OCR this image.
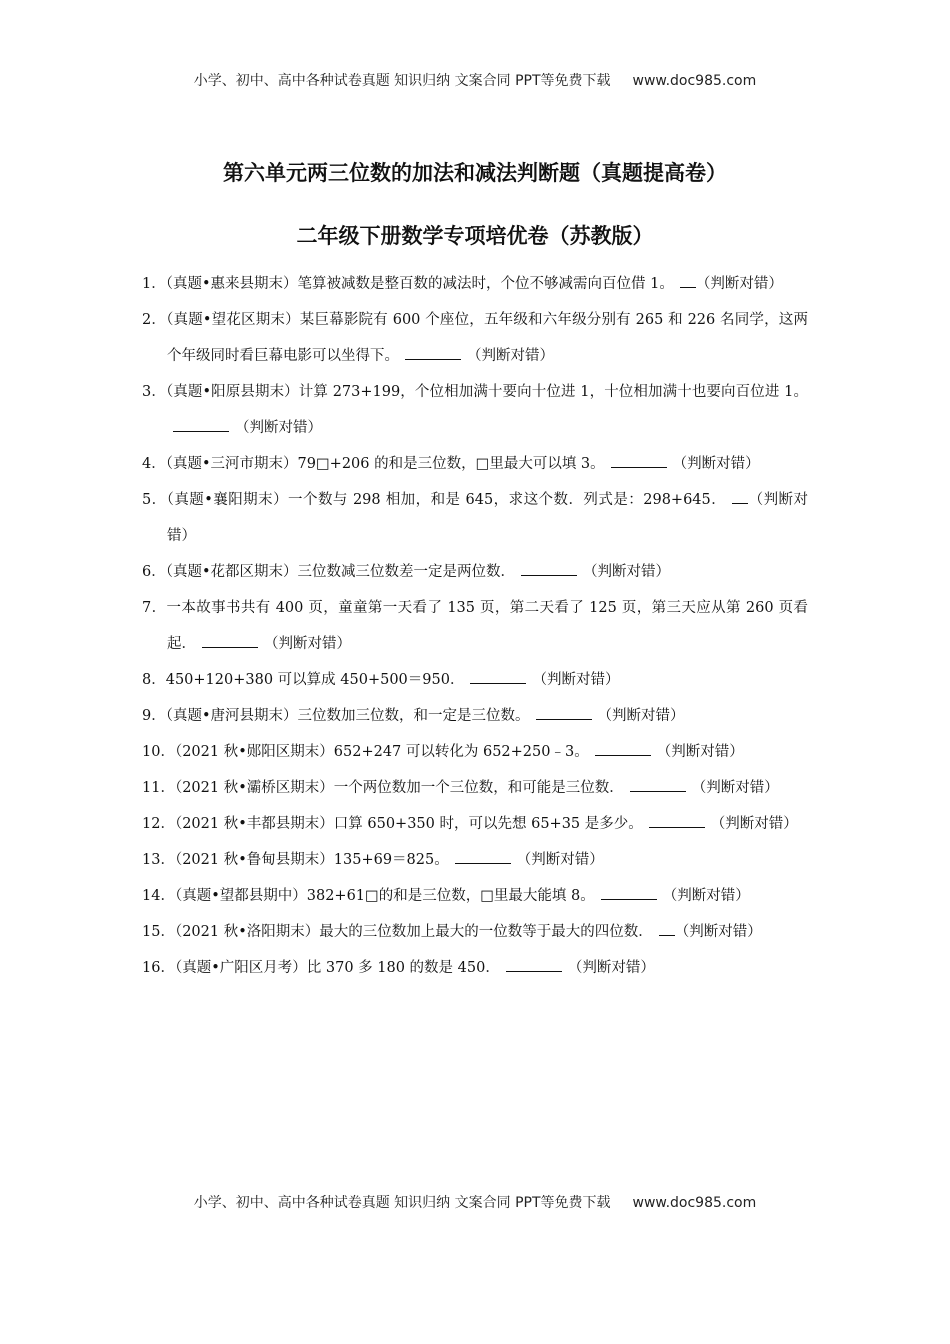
小学、初中、高中各种试卷真题 知识归纳 文案合同 PPT等免费下载 www.doc985.com
第六单元两三位数的加法和减法判断题（真题提高卷）
二年级下册数学专项培优卷（苏教版）

1．（真题•惠来县期末）笔算被减数是整百数的减法时，个位不够减需向百位借 1。 （判断对错）

2．（真题•望花区期末）某巨幕影院有 600 个座位，五年级和六年级分别有 265 和 226 名同学，这两个年级同时看巨幕电影可以坐得下。	（判断对错）

3．（真题•阳原县期末）计算 273+199，个位相加满十要向十位进 1，十位相加满十也要向百位进 1。（判断对错）

4．（真题•三河市期末）79□+206 的和是三位数，□里最大可以填 3。	（判断对错）

5．（真题•襄阳期末）一个数与 298 相加，和是 645，求这个数．列式是：298+645． （判断对错）

6．（真题•花都区期末）三位数减三位数差一定是两位数．	（判断对错）

7．一本故事书共有 400 页，童童第一天看了 135 页，第二天看了 125 页，第三天应从第 260 页看起．	（判断对错）

8．450+120+380 可以算成 450+500＝950．	（判断对错）

9．（真题•唐河县期末）三位数加三位数，和一定是三位数。	（判断对错）

10．（2021 秋•郧阳区期末）652+247 可以转化为 652+250﹣3。	（判断对错）

11．（2021 秋•灞桥区期末）一个两位数加一个三位数，和可能是三位数．	（判断对错）

12．（2021 秋•丰都县期末）口算 650+350 时，可以先想 65+35 是多少。	（判断对错）

13．（2021 秋•鲁甸县期末）135+69＝825。	（判断对错）

14．（真题•望都县期中）382+61□的和是三位数，□里最大能填 8。	（判断对错）

15．（2021 秋•洛阳期末）最大的三位数加上最大的一位数等于最大的四位数． （判断对错）

16．（真题•广阳区月考）比 370 多 180 的数是 450．	（判断对错）

小学、初中、高中各种试卷真题 知识归纳 文案合同 PPT等免费下载 www.doc985.com
